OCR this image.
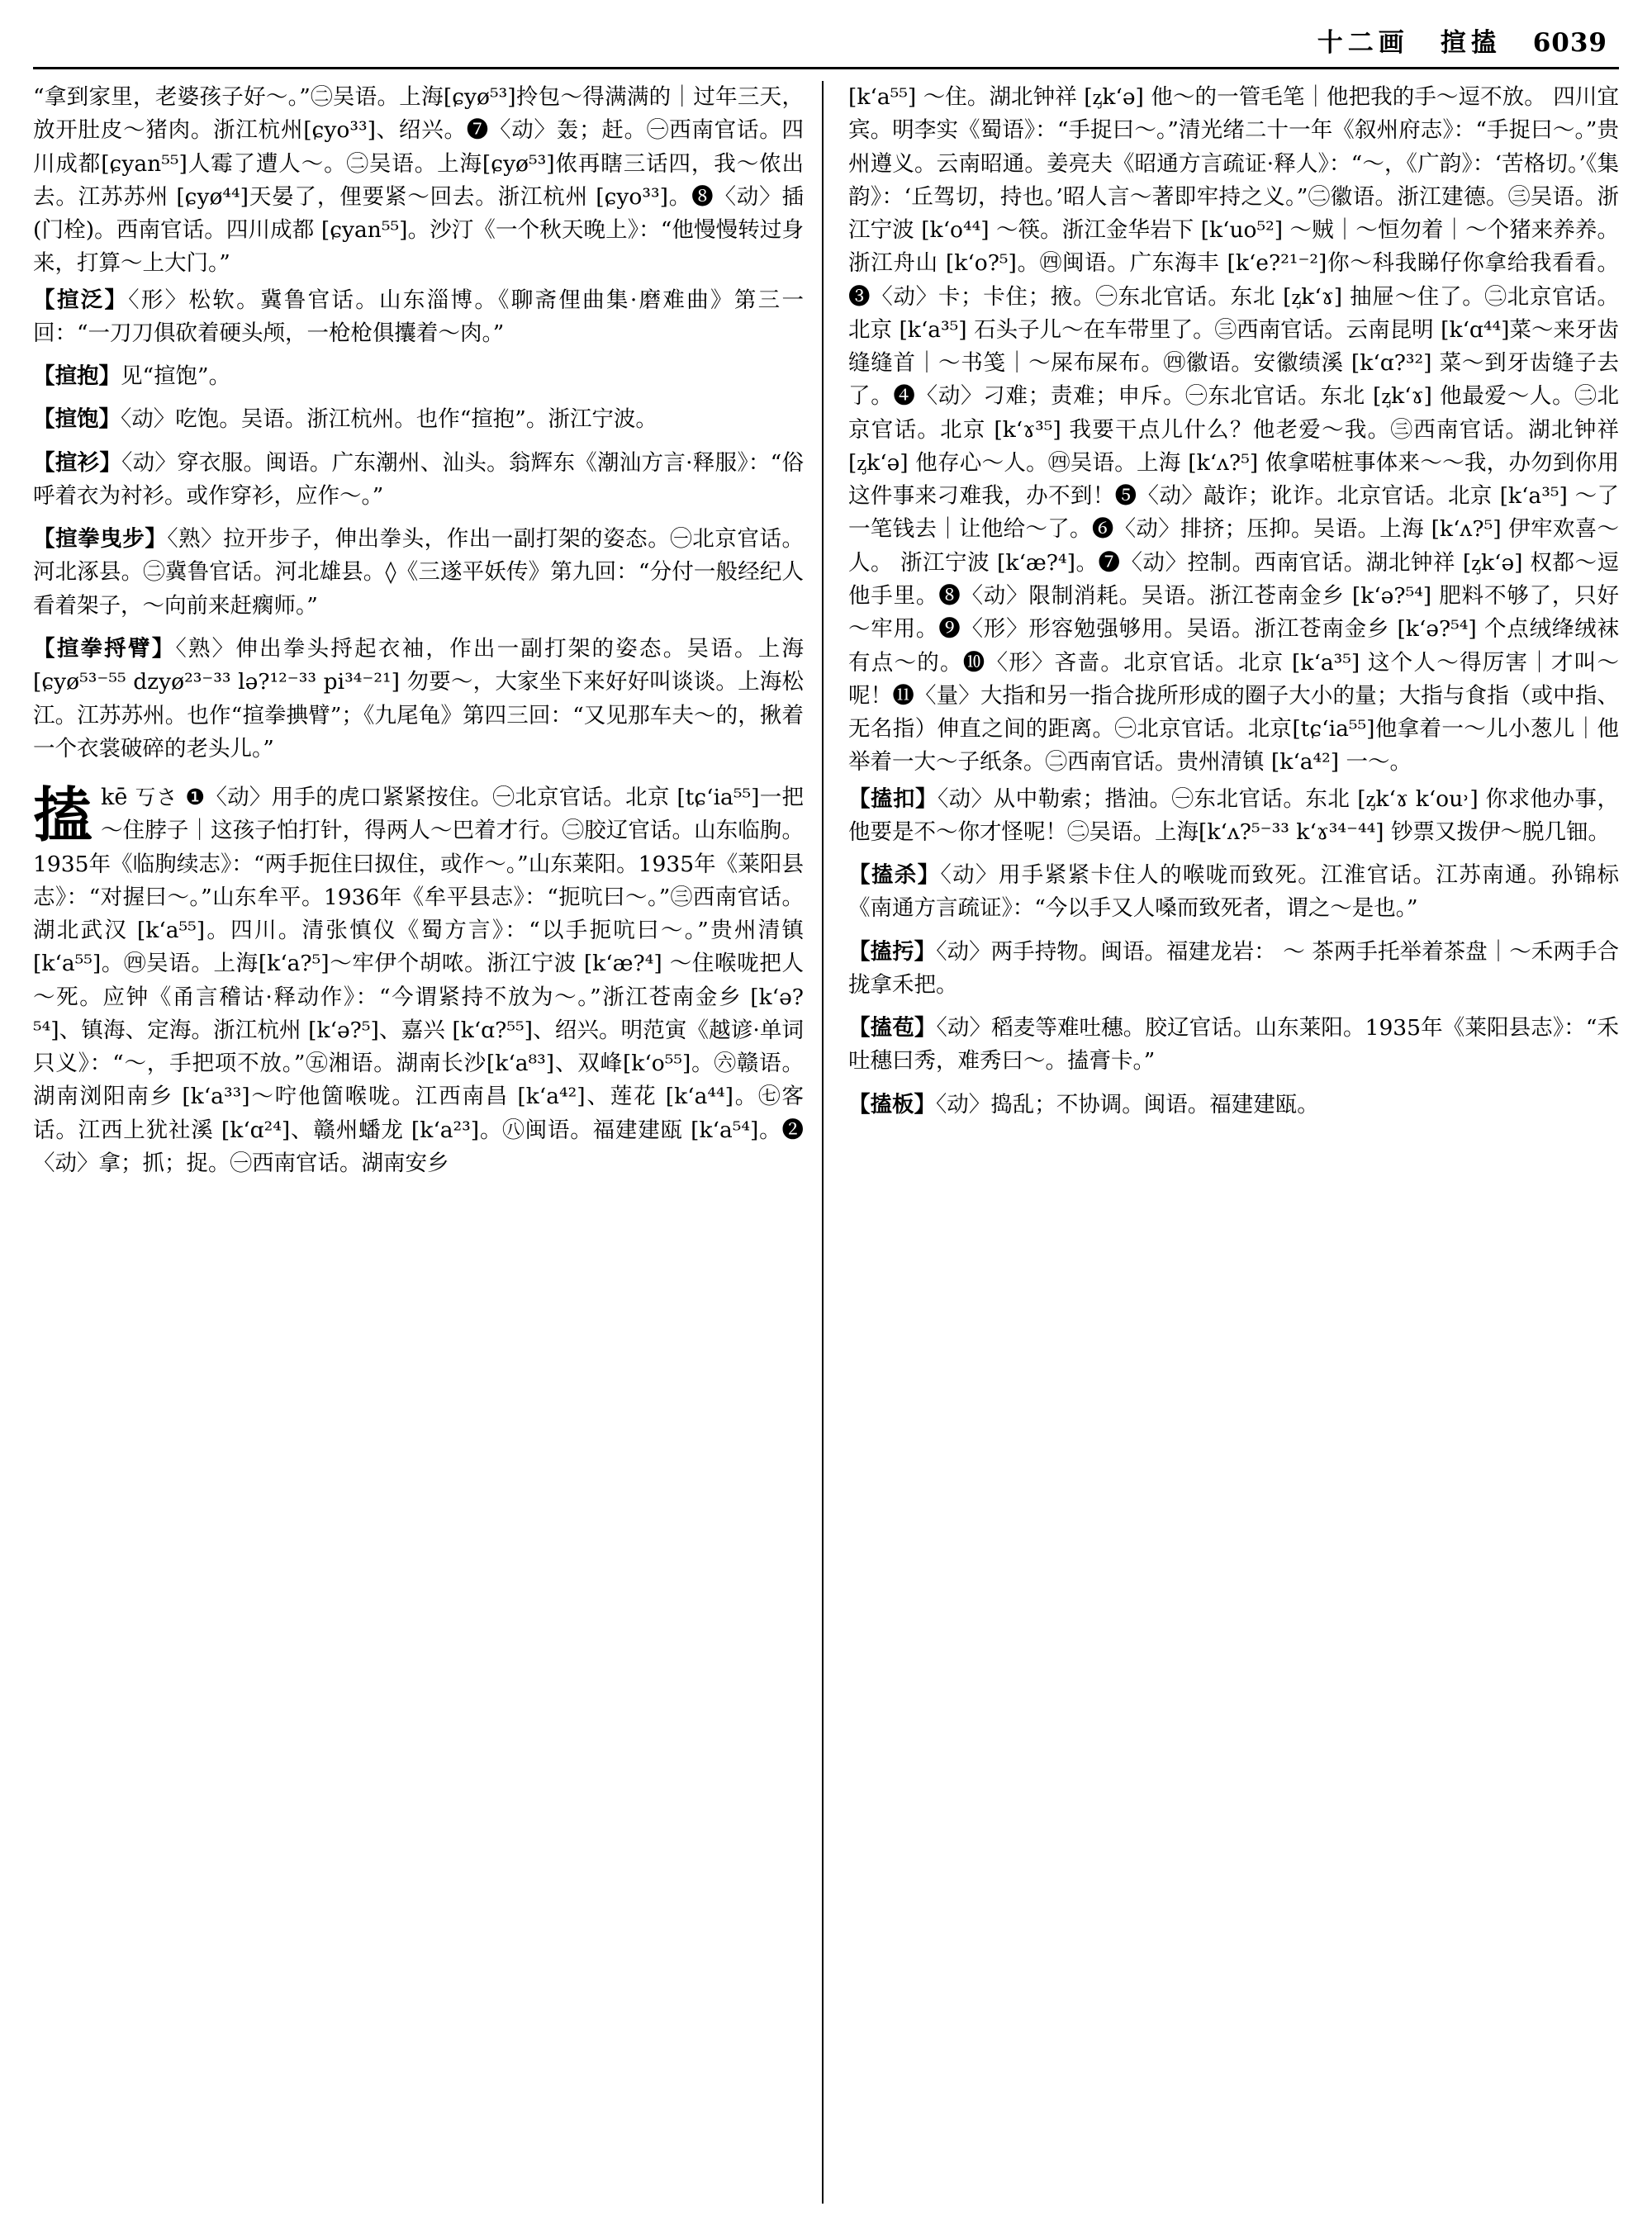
十二画 揎搕 6039

“拿到家里，老婆孩子好～。”㊁吴语。上海[ɕyø⁵³]拎包～得满满的｜过年三天，放开肚皮～猪肉。浙江杭州[ɕyo³³]、绍兴。❼〈动〉轰；赶。㊀西南官话。四川成都[ɕyan⁵⁵]人霉了遭人～。㊁吴语。上海[ɕyø⁵³]侬再瞎三话四，我～侬出去。江苏苏州 [ɕyø⁴⁴]天晏了，俚要紧～回去。浙江杭州 [ɕyo³³]。❽〈动〉插(门栓)。西南官话。四川成都 [ɕyan⁵⁵]。沙汀《一个秋天晚上》：“他慢慢转过身来，打算～上大门。”

【揎泛】〈形〉松软。冀鲁官话。山东淄博。《聊斋俚曲集·磨难曲》第三一回：“一刀刀俱砍着硬头颅，一枪枪俱攮着～肉。”

【揎抱】见“揎饱”。

【揎饱】〈动〉吃饱。吴语。浙江杭州。也作“揎抱”。浙江宁波。

【揎衫】〈动〉穿衣服。闽语。广东潮州、汕头。翁辉东《潮汕方言·释服》：“俗呼着衣为衬衫。或作穿衫，应作～。”

【揎拳曳步】〈熟〉拉开步子，伸出拳头，作出一副打架的姿态。㊀北京官话。河北涿县。㊁冀鲁官话。河北雄县。◊《三遂平妖传》第九回：“分付一般经纪人看着架子，～向前来赶瘸师。”

【揎拳捋臂】〈熟〉伸出拳头捋起衣袖，作出一副打架的姿态。吴语。上海 [ɕyø⁵³⁻⁵⁵ dzyø²³⁻³³ lə?¹²⁻³³ pi³⁴⁻²¹] 勿要～，大家坐下来好好叫谈谈。上海松江。江苏苏州。也作“揎拳捵臂”；《九尾龟》第四三回：“又见那车夫～的，揪着一个衣裳破碎的老头儿。”

搕 kē 丂さ ❶〈动〉用手的虎口紧紧按住。㊀北京官话。北京 [tɕʻia⁵⁵]一把～住脖子｜这孩子怕打针，得两人～巴着才行。㊁胶辽官话。山东临朐。1935年《临朐续志》：“两手扼住曰㧐住，或作～。”山东莱阳。1935年《莱阳县志》：“对握曰～。”山东牟平。1936年《牟平县志》：“扼吭曰～。”㊂西南官话。湖北武汉 [kʻa⁵⁵]。四川。清张慎仪《蜀方言》：“以手扼吭曰～。”贵州清镇 [kʻa⁵⁵]。㊃吴语。上海[kʻa?⁵]～牢伊个胡哝。浙江宁波 [kʻæ?⁴] ～住喉咙把人～死。应钟《甬言稽诂·释动作》：“今谓紧持不放为～。”浙江苍南金乡 [kʻə?⁵⁴]、镇海、定海。浙江杭州 [kʻə?⁵]、嘉兴 [kʻɑ?⁵⁵]、绍兴。明范寅《越谚·单词只义》：“～，手把项不放。”㊄湘语。湖南长沙[kʻa⁸³]、双峰[kʻo⁵⁵]。㊅赣语。湖南浏阳南乡 [kʻa³³]～咛他箇喉咙。江西南昌 [kʻa⁴²]、莲花 [kʻa⁴⁴]。㊆客话。江西上犹社溪 [kʻɑ²⁴]、赣州蟠龙 [kʻa²³]。㊇闽语。福建建瓯 [kʻa⁵⁴]。❷〈动〉拿；抓；捉。㊀西南官话。湖南安乡

[kʻa⁵⁵] ～住。湖北钟祥 [ᶎkʻə] 他～的一管毛笔｜他把我的手～逗不放。 四川宜宾。明李实《蜀语》：“手捉曰～。”清光绪二十一年《叙州府志》：“手捉曰～。”贵州遵义。云南昭通。姜亮夫《昭通方言疏证·释人》：“～，《广韵》：‘苦格切。’《集韵》：‘丘驾切，持也。’昭人言～著即牢持之义。”㊁徽语。浙江建德。㊂吴语。浙江宁波 [kʻo⁴⁴] ～筷。浙江金华岩下 [kʻuo⁵²] ～贼｜～恒勿着｜～个猪来养养。浙江舟山 [kʻo?⁵]。㊃闽语。广东海丰 [kʻe?²¹⁻²]你～科我睇仔你拿给我看看。❸〈动〉卡；卡住；掖。㊀东北官话。东北 [ᶎkʻɤ] 抽屉～住了。㊁北京官话。北京 [kʻa³⁵] 石头子儿～在车带里了。㊂西南官话。云南昆明 [kʻɑ⁴⁴]菜～来牙齿缝缝首｜～书笺｜～屎布屎布。㊃徽语。安徽绩溪 [kʻɑ?³²] 菜～到牙齿缝子去了。❹〈动〉刁难；责难；申斥。㊀东北官话。东北 [ᶎkʻɤ] 他最爱～人。㊁北京官话。北京 [kʻɤ³⁵] 我要干点儿什么？他老爱～我。㊂西南官话。湖北钟祥 [ᶎkʻə] 他存心～人。㊃吴语。上海 [kʻʌ?⁵] 侬拿喏桩事体来～～我，办勿到你用这件事来刁难我，办不到！❺〈动〉敲诈；讹诈。北京官话。北京 [kʻa³⁵] ～了一笔钱去｜让他给～了。❻〈动〉排挤；压抑。吴语。上海 [kʻʌ?⁵] 伊牢欢喜～人。 浙江宁波 [kʻæ?⁴]。❼〈动〉控制。西南官话。湖北钟祥 [ᶎkʻə] 权都～逗他手里。❽〈动〉限制消耗。吴语。浙江苍南金乡 [kʻə?⁵⁴] 肥料不够了，只好～牢用。❾〈形〉形容勉强够用。吴语。浙江苍南金乡 [kʻə?⁵⁴] 个点绒绛绒袜有点～的。❿〈形〉吝啬。北京官话。北京 [kʻa³⁵] 这个人～得厉害｜才叫～呢！⓫〈量〉大指和另一指合拢所形成的圈子大小的量；大指与食指（或中指、无名指）伸直之间的距离。㊀北京官话。北京[tɕʻia⁵⁵]他拿着一～儿小葱儿｜他举着一大～子纸条。㊁西南官话。贵州清镇 [kʻa⁴²] 一～。

【搕扣】〈动〉从中勒索；揩油。㊀东北官话。东北 [ᶎkʻɤ kʻou˒] 你求他办事，他要是不～你才怪呢！㊁吴语。上海[kʻʌ?⁵⁻³³ kʻɤ³⁴⁻⁴⁴] 钞票又拨伊～脱几钿。

【搕杀】〈动〉用手紧紧卡住人的喉咙而致死。江淮官话。江苏南通。孙锦标《南通方言疏证》：“今以手又人嗓而致死者，谓之～是也。”

【搕扝】〈动〉两手持物。闽语。福建龙岩： ～ 茶两手托举着茶盘｜～禾两手合拢拿禾把。

【搕苞】〈动〉稻麦等难吐穗。胶辽官话。山东莱阳。1935年《莱阳县志》：“禾吐穗曰秀，难秀曰～。搕膏卡。”

【搕板】〈动〉捣乱；不协调。闽语。福建建瓯。
